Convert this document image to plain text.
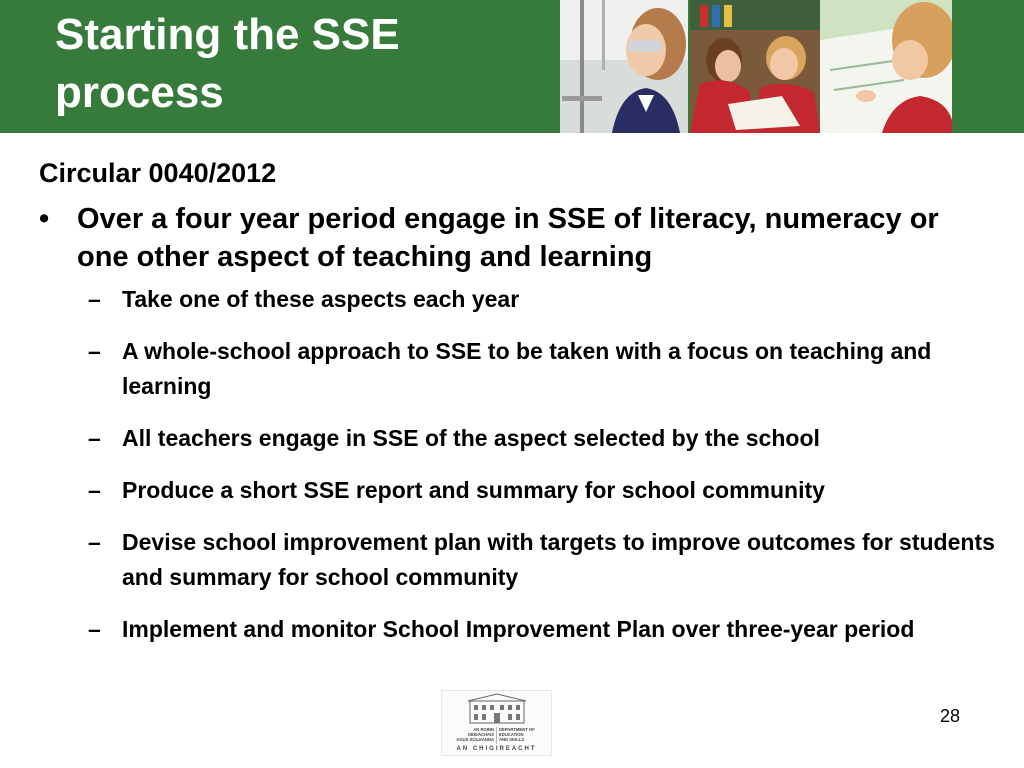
Starting the SSE process
Circular 0040/2012
• Over a four year period engage in SSE of literacy, numeracy or one other aspect of teaching and learning
– Take one of these aspects each year
– A whole-school approach to SSE to be taken with a focus on teaching and learning
– All teachers engage in SSE of the aspect selected by the school
– Produce a short SSE report and summary for school community
– Devise school improvement plan with targets to improve outcomes for students and summary for school community
– Implement and monitor School Improvement Plan over three-year period
AN ROINN
OIDEACHAIS
AGUS SCILEANNA
DEPARTMENT OF
EDUCATION
AND SKILLS
AN CHIGIREACHT
28
